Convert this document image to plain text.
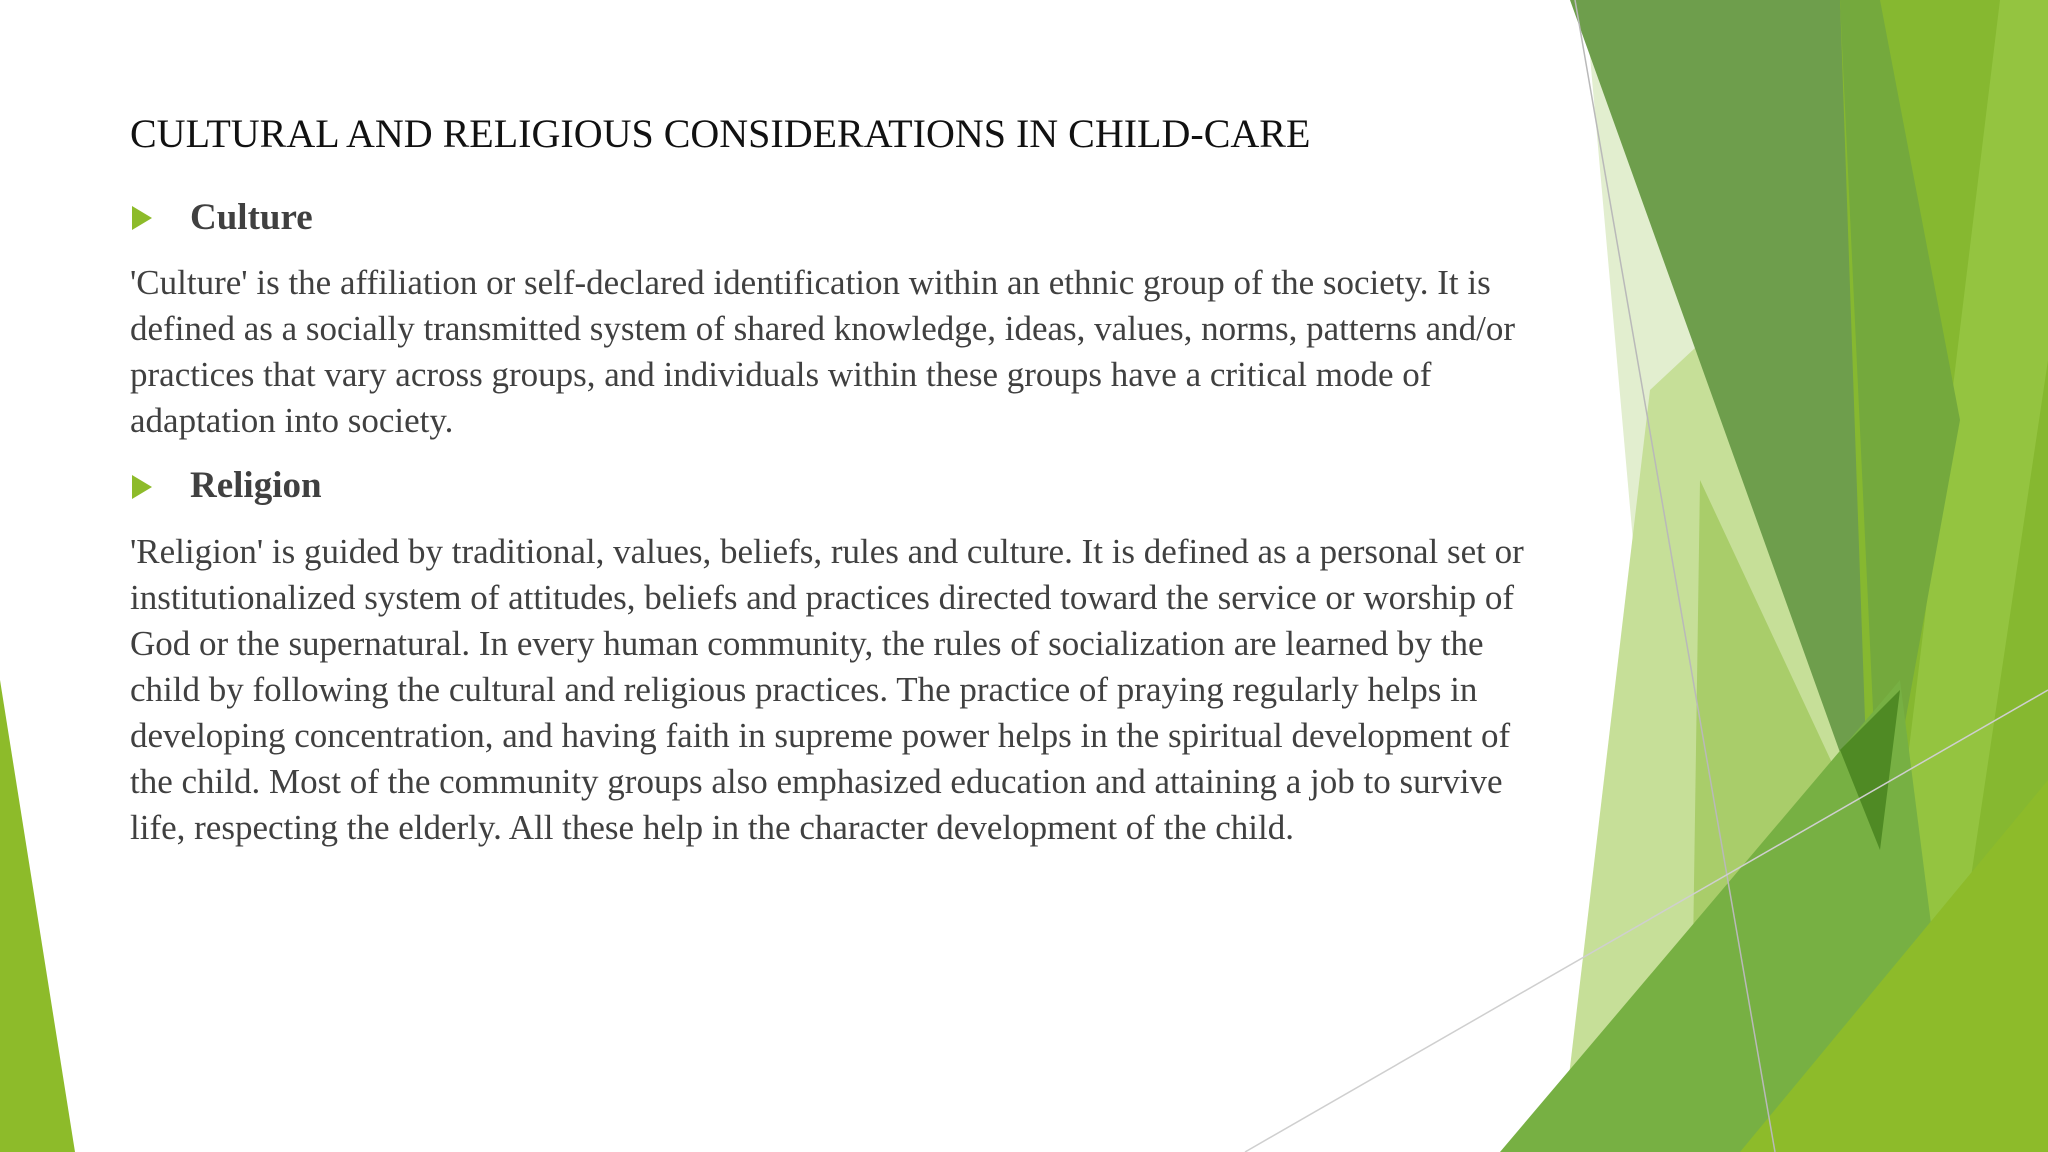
CULTURAL AND RELIGIOUS CONSIDERATIONS IN CHILD-CARE
Culture

'Culture' is the affiliation or self-declared identification within an ethnic group of the society. It is defined as a socially transmitted system of shared knowledge, ideas, values, norms, patterns and/or practices that vary across groups, and individuals within these groups have a critical mode of adaptation into society.

Religion

'Religion' is guided by traditional, values, beliefs, rules and culture. It is defined as a personal set or institutionalized system of attitudes, beliefs and practices directed toward the service or worship of God or the supernatural. In every human community, the rules of socialization are learned by the child by following the cultural and religious practices. The practice of praying regularly helps in developing concentration, and having faith in supreme power helps in the spiritual development of the child. Most of the community groups also emphasized education and attaining a job to survive life, respecting the elderly. All these help in the character development of the child.
